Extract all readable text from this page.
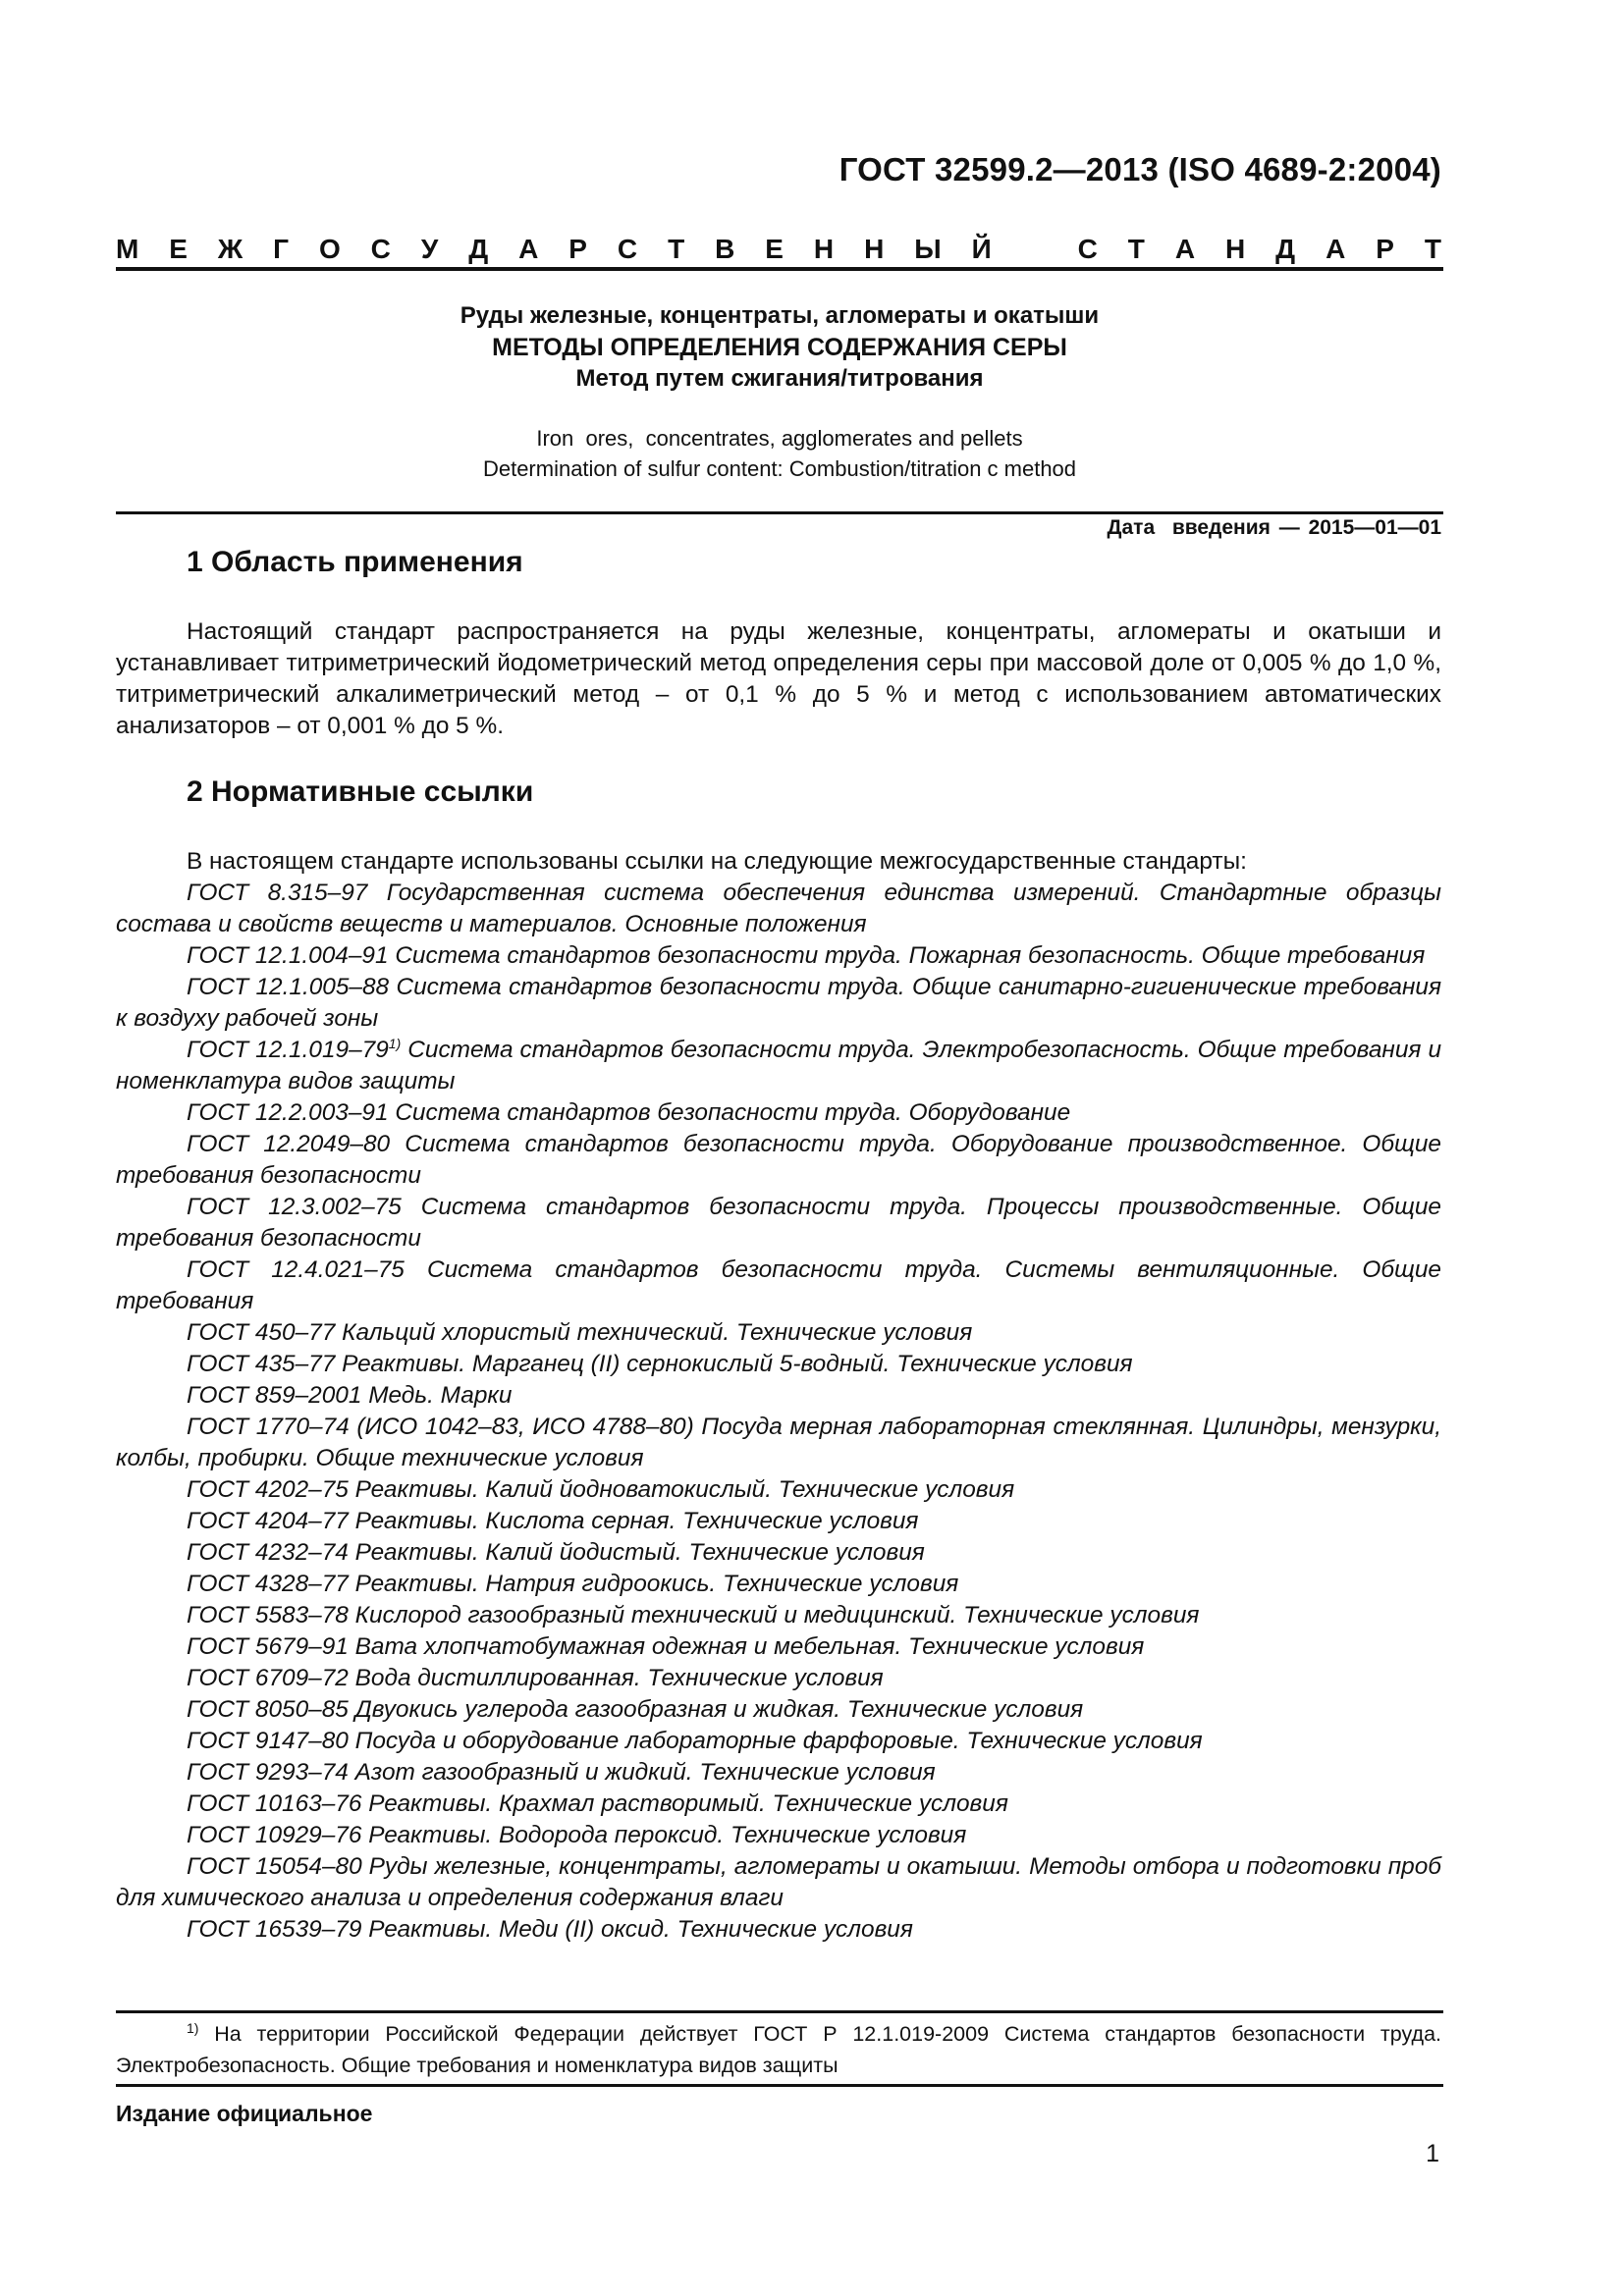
ГОСТ 32599.2—2013 (ISO 4689-2:2004)
М Е Ж Г О С У Д А Р С Т В Е Н Н Ы Й	С Т А Н Д А Р Т
Руды железные, концентраты, агломераты и окатыши
МЕТОДЫ ОПРЕДЕЛЕНИЯ СОДЕРЖАНИЯ СЕРЫ
Метод путем сжигания/титрования
Iron  ores,  concentrates, agglomerates and pellets
Determination of sulfur content: Combustion/titration c method
Дата  введения — 2015—01—01
1 Область применения

Настоящий стандарт распространяется на руды железные, концентраты, агломераты и окатыши и устанавливает титриметрический йодометрический метод определения серы при массовой доле от 0,005 % до 1,0 %, титриметрический алкалиметрический метод – от 0,1 % до 5 % и метод с использованием автоматических анализаторов – от 0,001 % до 5 %.

2 Нормативные ссылки

В настоящем стандарте использованы ссылки на следующие межгосударственные стандарты:

ГОСТ 8.315–97 Государственная система обеспечения единства измерений. Стандартные образцы состава и свойств веществ и материалов. Основные положения

ГОСТ 12.1.004–91 Система стандартов безопасности труда. Пожарная безопасность. Общие требования

ГОСТ 12.1.005–88 Система стандартов безопасности труда. Общие санитарно-гигиенические требования к воздуху рабочей зоны

ГОСТ 12.1.019–79$^{1)}$ Система стандартов безопасности труда. Электробезопасность. Общие требования и номенклатура видов защиты

ГОСТ 12.2.003–91 Система стандартов безопасности труда. Оборудование

ГОСТ 12.2049–80 Система стандартов безопасности труда. Оборудование производственное. Общие требования безопасности

ГОСТ 12.3.002–75 Система стандартов безопасности труда. Процессы производственные. Общие требования безопасности

ГОСТ 12.4.021–75 Система стандартов безопасности труда. Системы вентиляционные. Общие требования

ГОСТ 450–77 Кальций хлористый технический. Технические условия

ГОСТ 435–77 Реактивы. Марганец (II) сернокислый 5-водный. Технические условия

ГОСТ 859–2001 Медь. Марки

ГОСТ 1770–74 (ИСО 1042–83, ИСО 4788–80) Посуда мерная лабораторная стеклянная. Цилиндры, мензурки, колбы, пробирки. Общие технические условия

ГОСТ 4202–75 Реактивы. Калий йодноватокислый. Технические условия

ГОСТ 4204–77 Реактивы. Кислота серная. Технические условия

ГОСТ 4232–74 Реактивы. Калий йодистый. Технические условия

ГОСТ 4328–77 Реактивы. Натрия гидроокись. Технические условия

ГОСТ 5583–78 Кислород газообразный технический и медицинский. Технические условия

ГОСТ 5679–91 Вата хлопчатобумажная одежная и мебельная. Технические условия

ГОСТ 6709–72 Вода дистиллированная. Технические условия

ГОСТ 8050–85 Двуокись углерода газообразная и жидкая. Технические условия

ГОСТ 9147–80 Посуда и оборудование лабораторные фарфоровые. Технические условия

ГОСТ 9293–74 Азот газообразный и жидкий. Технические условия

ГОСТ 10163–76 Реактивы. Крахмал растворимый. Технические условия

ГОСТ 10929–76 Реактивы. Водорода пероксид. Технические условия

ГОСТ 15054–80 Руды железные, концентраты, агломераты и окатыши. Методы отбора и подготовки проб для химического анализа и определения содержания влаги

ГОСТ 16539–79 Реактивы. Меди (II) оксид. Технические условия

$^{1)}$ На территории Российской Федерации действует ГОСТ Р 12.1.019-2009 Система стандартов безопасности труда. Электробезопасность. Общие требования и номенклатура видов защиты
Издание официальное
1
